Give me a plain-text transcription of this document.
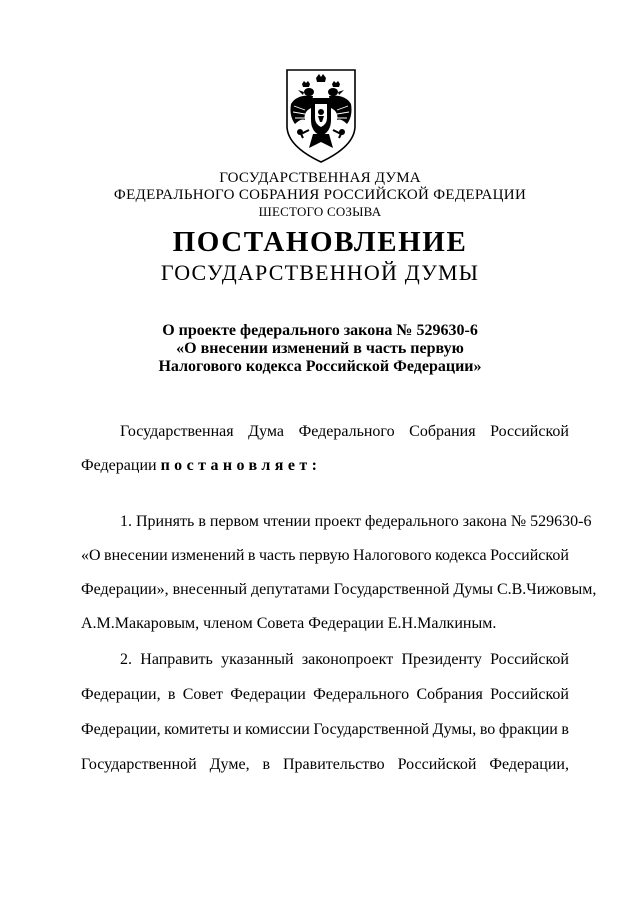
ГОСУДАРСТВЕННАЯ ДУМА
ФЕДЕРАЛЬНОГО СОБРАНИЯ РОССИЙСКОЙ ФЕДЕРАЦИИ
ШЕСТОГО СОЗЫВА
ПОСТАНОВЛЕНИЕ
ГОСУДАРСТВЕННОЙ ДУМЫ
О проекте федерального закона № 529630-6
«О внесении изменений в часть первую
Налогового кодекса Российской Федерации»
Государственная Дума Федерального Собрания Российской
Федерации постановляет:
1. Принять в первом чтении проект федерального закона № 529630-6
«О внесении изменений в часть первую Налогового кодекса Российской
Федерации», внесенный депутатами Государственной Думы С.В.Чижовым,
А.М.Макаровым, членом Совета Федерации Е.Н.Малкиным.
2. Направить указанный законопроект Президенту Российской
Федерации, в Совет Федерации Федерального Собрания Российской
Федерации, комитеты и комиссии Государственной Думы, во фракции в
Государственной Думе, в Правительство Российской Федерации,
